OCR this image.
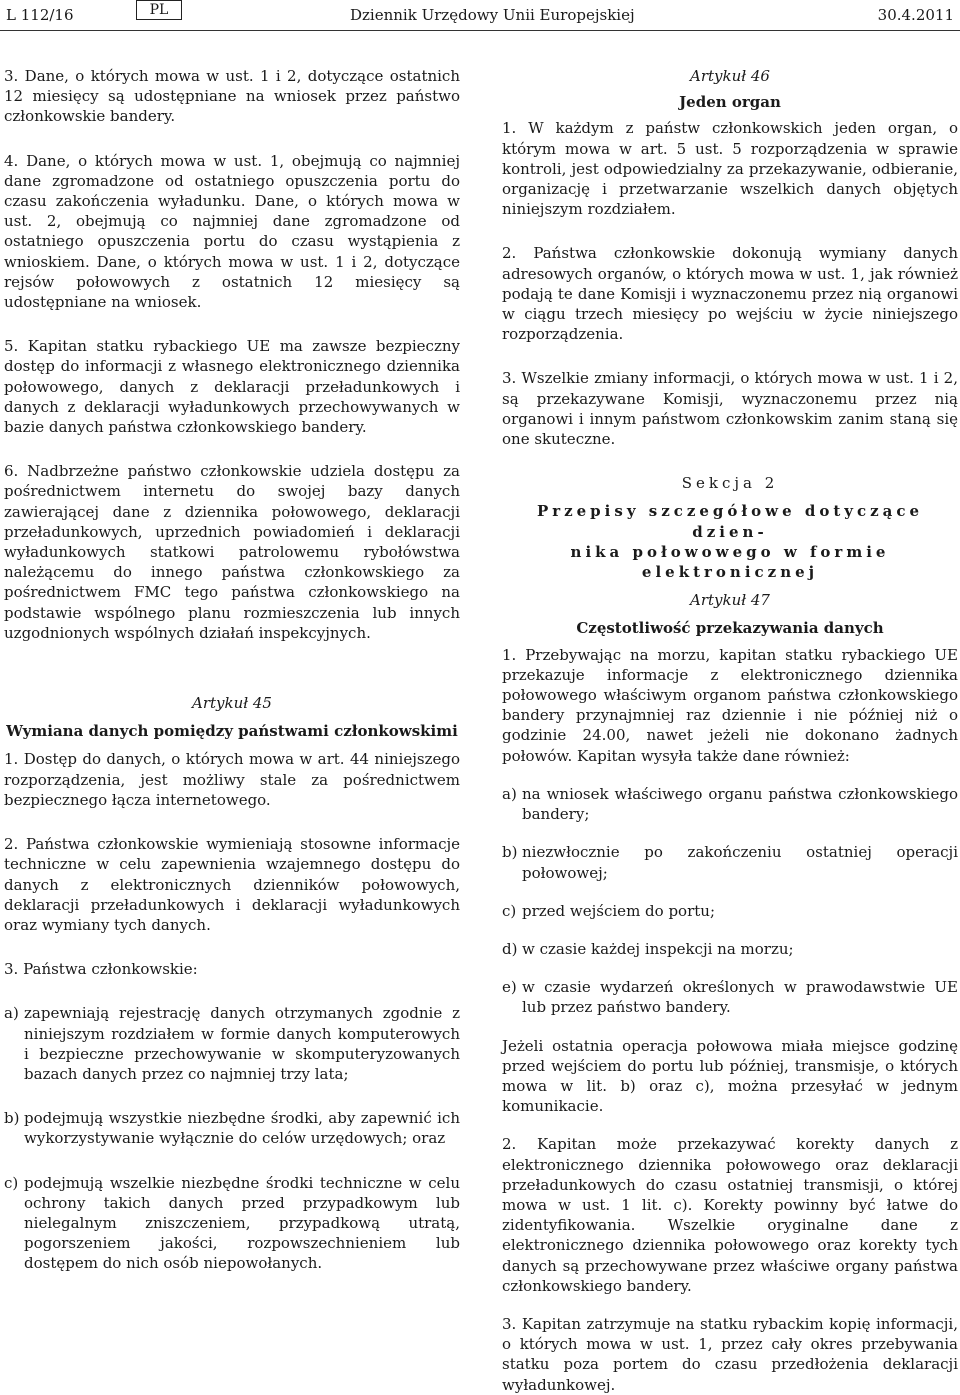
L 112/16	PL	Dziennik Urzędowy Unii Europejskiej	30.4.2011

3. Dane, o których mowa w ust. 1 i 2, dotyczące ostatnich 12 miesięcy są udostępniane na wniosek przez państwo członkowskie bandery.

4. Dane, o których mowa w ust. 1, obejmują co najmniej dane zgromadzone od ostatniego opuszczenia portu do czasu zakończenia wyładunku. Dane, o których mowa w ust. 2, obejmują co najmniej dane zgromadzone od ostatniego opuszczenia portu do czasu wystąpienia z wnioskiem. Dane, o których mowa w ust. 1 i 2, dotyczące rejsów połowowych z ostatnich 12 miesięcy są udostępniane na wniosek.

5. Kapitan statku rybackiego UE ma zawsze bezpieczny dostęp do informacji z własnego elektronicznego dziennika połowowego, danych z deklaracji przeładunkowych i danych z deklaracji wyładunkowych przechowywanych w bazie danych państwa członkowskiego bandery.

6. Nadbrzeżne państwo członkowskie udziela dostępu za pośrednictwem internetu do swojej bazy danych zawierającej dane z dziennika połowowego, deklaracji przeładunkowych, uprzednich powiadomień i deklaracji wyładunkowych statkowi patrolowemu rybołówstwa należącemu do innego państwa członkowskiego za pośrednictwem FMC tego państwa członkowskiego na podstawie wspólnego planu rozmieszczenia lub innych uzgodnionych wspólnych działań inspekcyjnych.

Artykuł 45

Wymiana danych pomiędzy państwami członkowskimi

1. Dostęp do danych, o których mowa w art. 44 niniejszego rozporządzenia, jest możliwy stale za pośrednictwem bezpiecznego łącza internetowego.

2. Państwa członkowskie wymieniają stosowne informacje techniczne w celu zapewnienia wzajemnego dostępu do danych z elektronicznych dzienników połowowych, deklaracji przeładunkowych i deklaracji wyładunkowych oraz wymiany tych danych.

3. Państwa członkowskie:

a) zapewniają rejestrację danych otrzymanych zgodnie z niniejszym rozdziałem w formie danych komputerowych i bezpieczne przechowywanie w skomputeryzowanych bazach danych przez co najmniej trzy lata;
b) podejmują wszystkie niezbędne środki, aby zapewnić ich wykorzystywanie wyłącznie do celów urzędowych; oraz
c) podejmują wszelkie niezbędne środki techniczne w celu ochrony takich danych przed przypadkowym lub nielegalnym zniszczeniem, przypadkową utratą, pogorszeniem jakości, rozpowszechnieniem lub dostępem do nich osób niepowołanych.

Artykuł 46

Jeden organ

1. W każdym z państw członkowskich jeden organ, o którym mowa w art. 5 ust. 5 rozporządzenia w sprawie kontroli, jest odpowiedzialny za przekazywanie, odbieranie, organizację i przetwarzanie wszelkich danych objętych niniejszym rozdziałem.

2. Państwa członkowskie dokonują wymiany danych adresowych organów, o których mowa w ust. 1, jak również podają te dane Komisji i wyznaczonemu przez nią organowi w ciągu trzech miesięcy po wejściu w życie niniejszego rozporządzenia.

3. Wszelkie zmiany informacji, o których mowa w ust. 1 i 2, są przekazywane Komisji, wyznaczonemu przez nią organowi i innym państwom członkowskim zanim staną się one skuteczne.

Sekcja 2

Przepisy szczegółowe dotyczące dzien-

nika połowowego w formie elektronicznej

Artykuł 47

Częstotliwość przekazywania danych

1. Przebywając na morzu, kapitan statku rybackiego UE przekazuje informacje z elektronicznego dziennika połowowego właściwym organom państwa członkowskiego bandery przynajmniej raz dziennie i nie później niż o godzinie 24.00, nawet jeżeli nie dokonano żadnych połowów. Kapitan wysyła także dane również:

a) na wniosek właściwego organu państwa członkowskiego bandery;
b) niezwłocznie po zakończeniu ostatniej operacji połowowej;
c) przed wejściem do portu;
d) w czasie każdej inspekcji na morzu;
e) w czasie wydarzeń określonych w prawodawstwie UE lub przez państwo bandery.

Jeżeli ostatnia operacja połowowa miała miejsce godzinę przed wejściem do portu lub później, transmisje, o których mowa w lit. b) oraz c), można przesyłać w jednym komunikacie.

2. Kapitan może przekazywać korekty danych z elektronicznego dziennika połowowego oraz deklaracji przeładunkowych do czasu ostatniej transmisji, o której mowa w ust. 1 lit. c). Korekty powinny być łatwe do zidentyfikowania. Wszelkie oryginalne dane z elektronicznego dziennika połowowego oraz korekty tych danych są przechowywane przez właściwe organy państwa członkowskiego bandery.

3. Kapitan zatrzymuje na statku rybackim kopię informacji, o których mowa w ust. 1, przez cały okres przebywania statku poza portem do czasu przedłożenia deklaracji wyładunkowej.
